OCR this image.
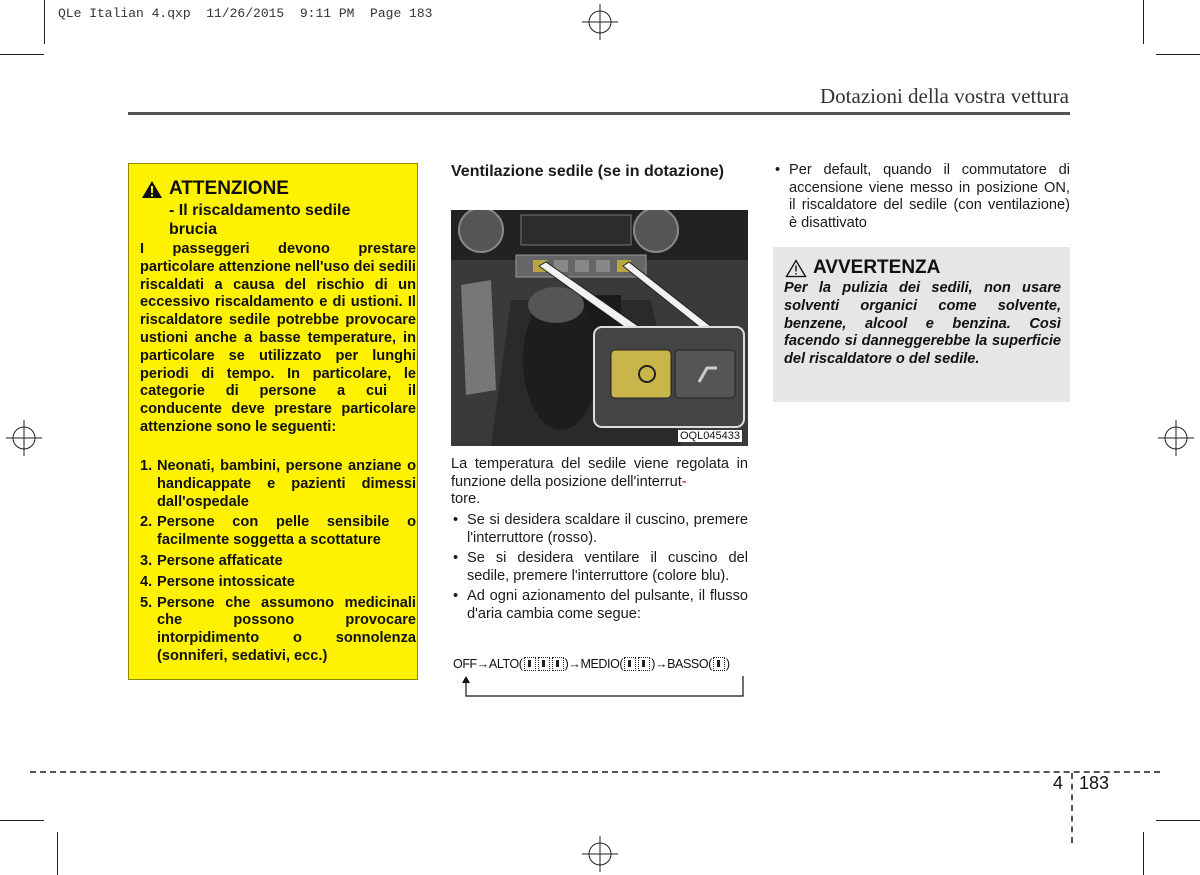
QLe Italian 4.qxp  11/26/2015  9:11 PM  Page 183
Dotazioni della vostra vettura
ATTENZIONE
- Il riscaldamento sedile brucia
I passeggeri devono prestare particolare attenzione nell'uso dei sedili riscaldati a causa del rischio di un eccessivo riscaldamento e di ustioni. Il riscaldatore sedile potrebbe provocare ustioni anche a basse temperature, in particolare se utilizzato per lunghi periodi di tempo. In particolare, le categorie di persone a cui il conducente deve prestare particolare attenzione sono le seguenti:
1. Neonati, bambini, persone anziane o handicappate e pazienti dimessi dall'ospedale
2. Persone con pelle sensibile o facilmente soggetta a scottature
3. Persone affaticate
4. Persone intossicate
5. Persone che assumono medicinali che possono provocare intorpidimento o sonnolenza (sonniferi, sedativi, ecc.)
Ventilazione sedile (se in dotazione)
OQL045433
La temperatura del sedile viene regolata in funzione della posizione dell'interrut-
tore.
• Se si desidera scaldare il cuscino, premere l'interruttore (rosso).
• Se si desidera ventilare il cuscino del sedile, premere l'interruttore (colore blu).
• Ad ogni azionamento del pulsante, il flusso d'aria cambia come segue:
OFF → ALTO(	) → MEDIO( ) → BASSO( )
• Per default, quando il commutatore di accensione viene messo in posizione ON, il riscaldatore del sedile (con ventilazione) è disattivato
AVVERTENZA
Per la pulizia dei sedili, non usare solventi organici come solvente, benzene, alcool e benzina. Così facendo si danneggerebbe la superficie del riscaldatore o del sedile.
4 183
